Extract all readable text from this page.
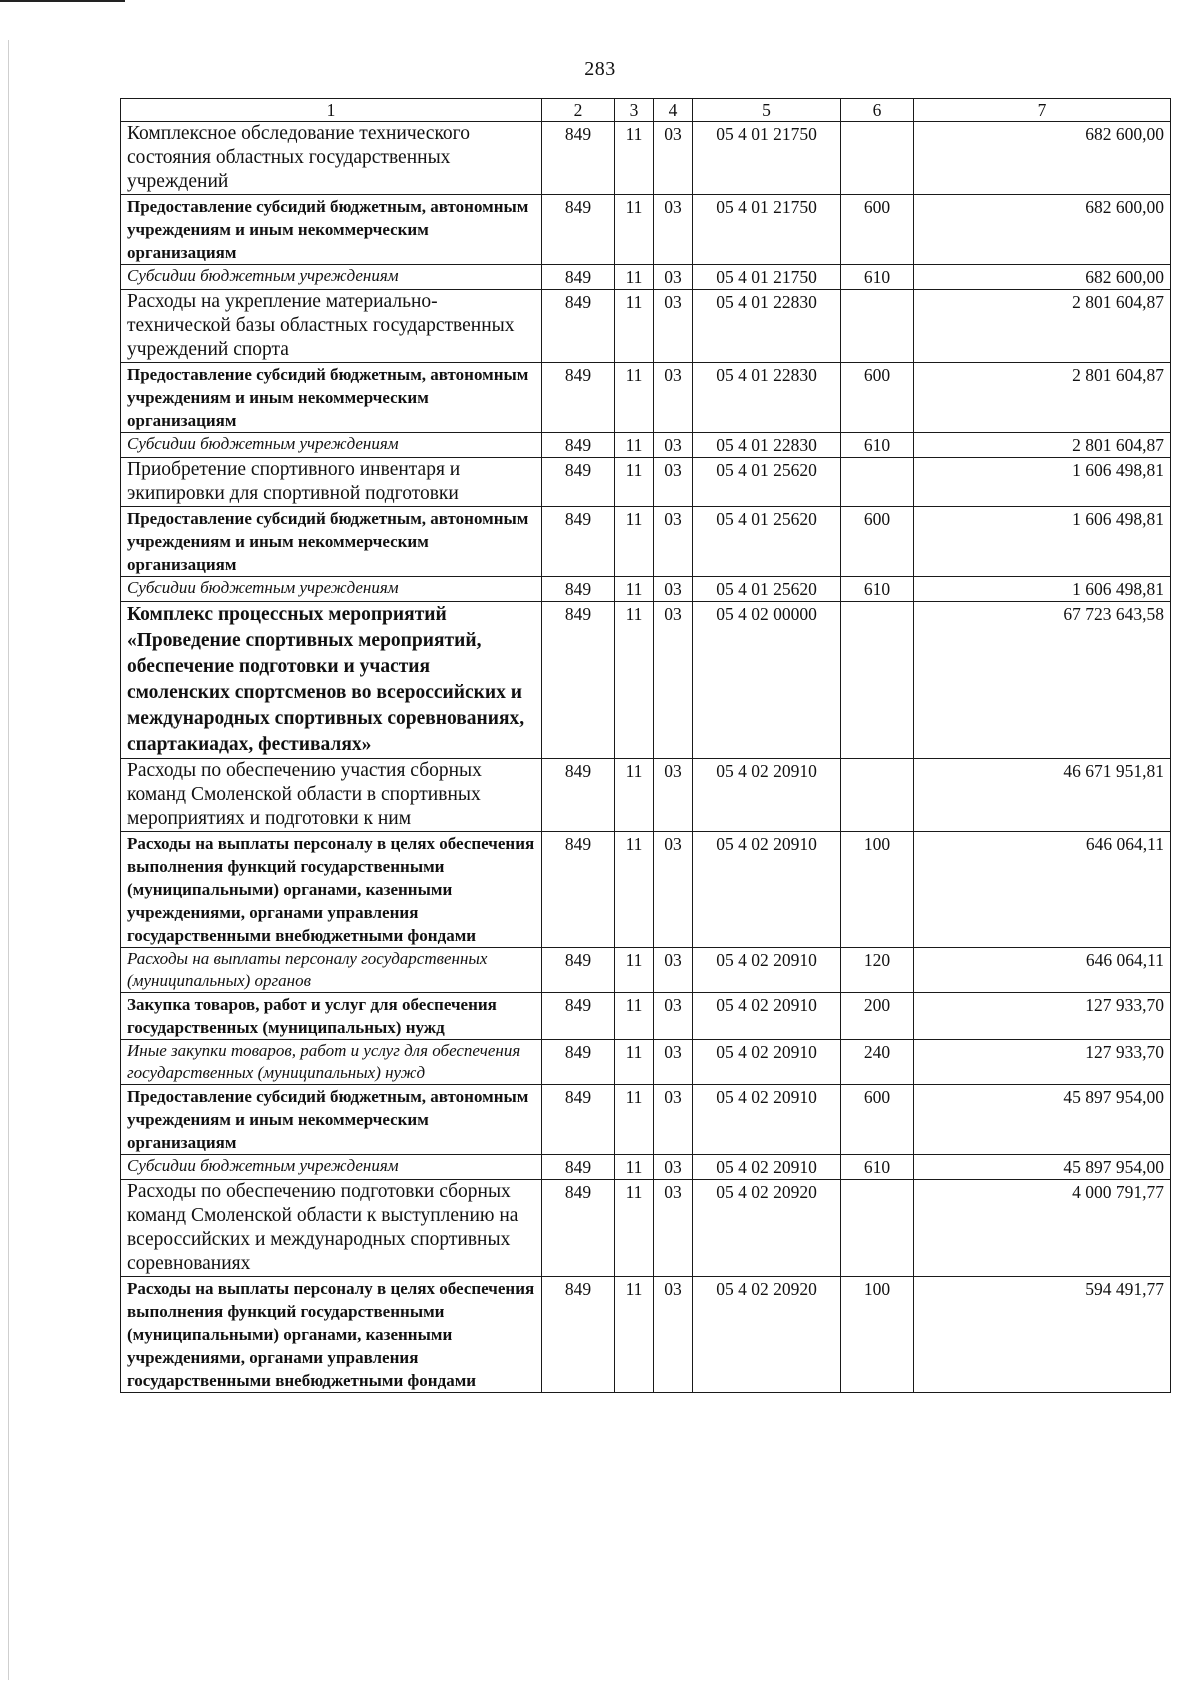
283
1	2	3	4	5	6	7
Комплексное обследование технического состояния областных государственных учреждений	849	11	03	05 4 01 21750		682 600,00
Предоставление субсидий бюджетным, автономным учреждениям и иным некоммерческим организациям	849	11	03	05 4 01 21750	600	682 600,00
Субсидии бюджетным учреждениям	849	11	03	05 4 01 21750	610	682 600,00
Расходы на укрепление материально-технической базы областных государственных учреждений спорта	849	11	03	05 4 01 22830		2 801 604,87
Предоставление субсидий бюджетным, автономным учреждениям и иным некоммерческим организациям	849	11	03	05 4 01 22830	600	2 801 604,87
Субсидии бюджетным учреждениям	849	11	03	05 4 01 22830	610	2 801 604,87
Приобретение спортивного инвентаря и экипировки для спортивной подготовки	849	11	03	05 4 01 25620		1 606 498,81
Предоставление субсидий бюджетным, автономным учреждениям и иным некоммерческим организациям	849	11	03	05 4 01 25620	600	1 606 498,81
Субсидии бюджетным учреждениям	849	11	03	05 4 01 25620	610	1 606 498,81
Комплекс процессных мероприятий «Проведение спортивных мероприятий, обеспечение подготовки и участия смоленских спортсменов во всероссийских и международных спортивных соревнованиях, спартакиадах, фестивалях»	849	11	03	05 4 02 00000		67 723 643,58
Расходы по обеспечению участия сборных команд Смоленской области в спортивных мероприятиях и подготовки к ним	849	11	03	05 4 02 20910		46 671 951,81
Расходы на выплаты персоналу в целях обеспечения выполнения функций государственными (муниципальными) органами, казенными учреждениями, органами управления государственными внебюджетными фондами	849	11	03	05 4 02 20910	100	646 064,11
Расходы на выплаты персоналу государственных (муниципальных) органов	849	11	03	05 4 02 20910	120	646 064,11
Закупка товаров, работ и услуг для обеспечения государственных (муниципальных) нужд	849	11	03	05 4 02 20910	200	127 933,70
Иные закупки товаров, работ и услуг для обеспечения государственных (муниципальных) нужд	849	11	03	05 4 02 20910	240	127 933,70
Предоставление субсидий бюджетным, автономным учреждениям и иным некоммерческим организациям	849	11	03	05 4 02 20910	600	45 897 954,00
Субсидии бюджетным учреждениям	849	11	03	05 4 02 20910	610	45 897 954,00
Расходы по обеспечению подготовки сборных команд Смоленской области к выступлению на всероссийских и международных спортивных соревнованиях	849	11	03	05 4 02 20920		4 000 791,77
Расходы на выплаты персоналу в целях обеспечения выполнения функций государственными (муниципальными) органами, казенными учреждениями, органами управления государственными внебюджетными фондами	849	11	03	05 4 02 20920	100	594 491,77
